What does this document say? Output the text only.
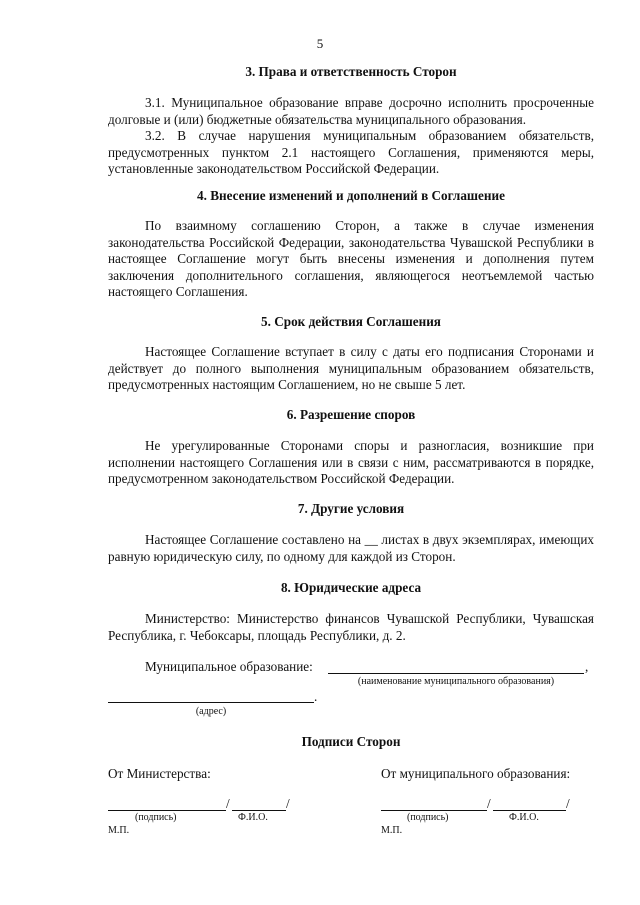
5
3. Права и ответственность Сторон

3.1. Муниципальное образование вправе досрочно исполнить просроченные долговые и (или) бюджетные обязательства муниципального образования.

3.2. В случае нарушения муниципальным образованием обязательств, предусмотренных пунктом 2.1 настоящего Соглашения, применяются меры, установленные законодательством Российской Федерации.

4. Внесение изменений и дополнений в Соглашение

По взаимному соглашению Сторон, а также в случае изменения законодательства Российской Федерации, законодательства Чувашской Республики в настоящее Соглашение могут быть внесены изменения и дополнения путем заключения дополнительного соглашения, являющегося неотъемлемой частью настоящего Соглашения.

5. Срок действия Соглашения

Настоящее Соглашение вступает в силу с даты его подписания Сторонами и действует до полного выполнения муниципальным образованием обязательств, предусмотренных настоящим Соглашением, но не свыше 5 лет.

6. Разрешение споров

Не урегулированные Сторонами споры и разногласия, возникшие при исполнении настоящего Соглашения или в связи с ним, рассматриваются в порядке, предусмотренном законодательством Российской Федерации.

7. Другие условия

Настоящее Соглашение составлено на __ листах в двух экземплярах, имеющих равную юридическую силу, по одному для каждой из Сторон.

8. Юридические адреса

Министерство: Министерство финансов Чувашской Республики, Чувашская Республика, г. Чебоксары, площадь Республики, д. 2.

Муниципальное образование:	,
(наименование муниципального образования)
.
(адрес)
Подписи Сторон
От Министерства:	От муниципального образования:
/	/
(подпись)	Ф.И.О.
М.П.
/	/
(подпись)	Ф.И.О.
М.П.
